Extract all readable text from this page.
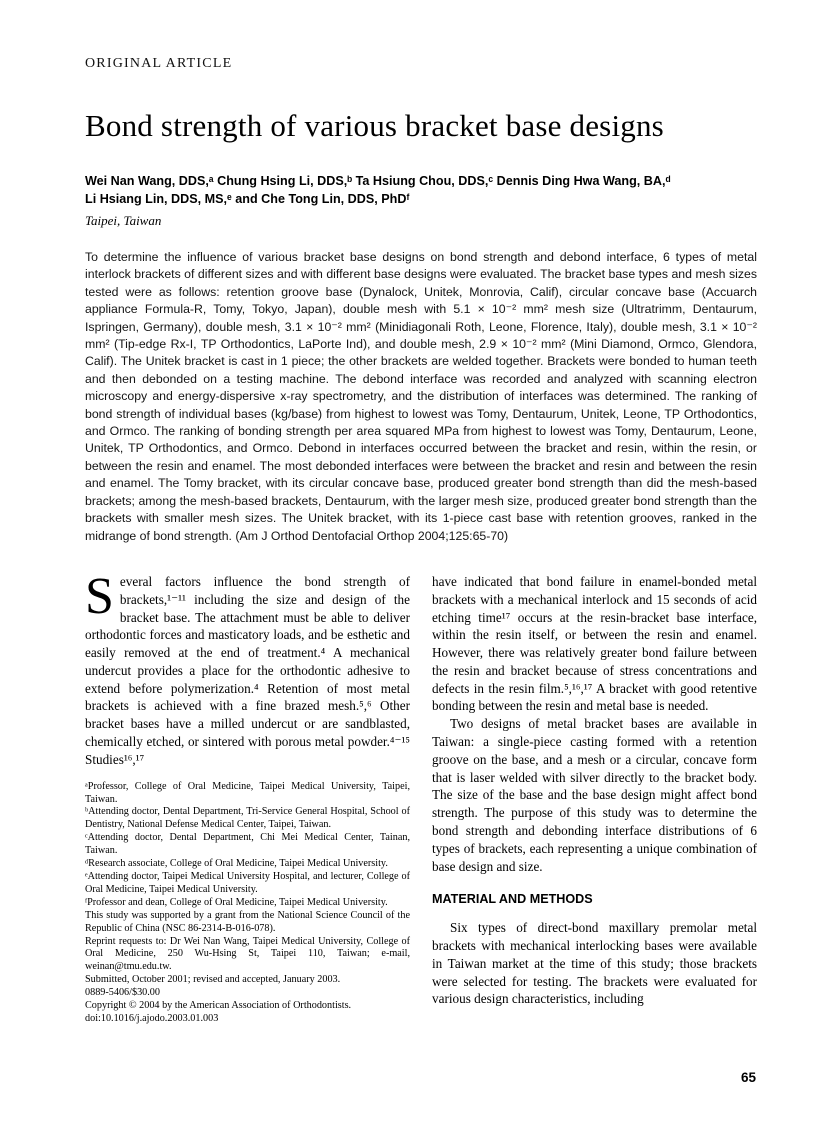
ORIGINAL ARTICLE
Bond strength of various bracket base designs
Wei Nan Wang, DDS,ᵃ Chung Hsing Li, DDS,ᵇ Ta Hsiung Chou, DDS,ᶜ Dennis Ding Hwa Wang, BA,ᵈ
Li Hsiang Lin, DDS, MS,ᵉ and Che Tong Lin, DDS, PhDᶠ
Taipei, Taiwan

To determine the influence of various bracket base designs on bond strength and debond interface, 6 types of metal interlock brackets of different sizes and with different base designs were evaluated. The bracket base types and mesh sizes tested were as follows: retention groove base (Dynalock, Unitek, Monrovia, Calif), circular concave base (Accuarch appliance Formula-R, Tomy, Tokyo, Japan), double mesh with 5.1 × 10⁻² mm² mesh size (Ultratrimm, Dentaurum, Ispringen, Germany), double mesh, 3.1 × 10⁻² mm² (Minidiagonali Roth, Leone, Florence, Italy), double mesh, 3.1 × 10⁻² mm² (Tip-edge Rx-I, TP Orthodontics, LaPorte Ind), and double mesh, 2.9 × 10⁻² mm² (Mini Diamond, Ormco, Glendora, Calif). The Unitek bracket is cast in 1 piece; the other brackets are welded together. Brackets were bonded to human teeth and then debonded on a testing machine. The debond interface was recorded and analyzed with scanning electron microscopy and energy-dispersive x-ray spectrometry, and the distribution of interfaces was determined. The ranking of bond strength of individual bases (kg/base) from highest to lowest was Tomy, Dentaurum, Unitek, Leone, TP Orthodontics, and Ormco. The ranking of bonding strength per area squared MPa from highest to lowest was Tomy, Dentaurum, Leone, Unitek, TP Orthodontics, and Ormco. Debond in interfaces occurred between the bracket and resin, within the resin, or between the resin and enamel. The most debonded interfaces were between the bracket and resin and between the resin and enamel. The Tomy bracket, with its circular concave base, produced greater bond strength than did the mesh-based brackets; among the mesh-based brackets, Dentaurum, with the larger mesh size, produced greater bond strength than the brackets with smaller mesh sizes. The Unitek bracket, with its 1-piece cast base with retention grooves, ranked in the midrange of bond strength. (Am J Orthod Dentofacial Orthop 2004;125:65-70)

Several factors influence the bond strength of brackets,¹⁻¹¹ including the size and design of the bracket base. The attachment must be able to deliver orthodontic forces and masticatory loads, and be esthetic and easily removed at the end of treatment.⁴ A mechanical undercut provides a place for the orthodontic adhesive to extend before polymerization.⁴ Retention of most metal brackets is achieved with a fine brazed mesh.⁵,⁶ Other bracket bases have a milled undercut or are sandblasted, chemically etched, or sintered with porous metal powder.⁴⁻¹⁵ Studies¹⁶,¹⁷

ᵃProfessor, College of Oral Medicine, Taipei Medical University, Taipei, Taiwan.
ᵇAttending doctor, Dental Department, Tri-Service General Hospital, School of Dentistry, National Defense Medical Center, Taipei, Taiwan.
ᶜAttending doctor, Dental Department, Chi Mei Medical Center, Tainan, Taiwan.
ᵈResearch associate, College of Oral Medicine, Taipei Medical University.
ᵉAttending doctor, Taipei Medical University Hospital, and lecturer, College of Oral Medicine, Taipei Medical University.
ᶠProfessor and dean, College of Oral Medicine, Taipei Medical University.
This study was supported by a grant from the National Science Council of the Republic of China (NSC 86-2314-B-016-078).
Reprint requests to: Dr Wei Nan Wang, Taipei Medical University, College of Oral Medicine, 250 Wu-Hsing St, Taipei 110, Taiwan; e-mail, weinan@tmu.edu.tw.
Submitted, October 2001; revised and accepted, January 2003.
0889-5406/$30.00
Copyright © 2004 by the American Association of Orthodontists.
doi:10.1016/j.ajodo.2003.01.003

have indicated that bond failure in enamel-bonded metal brackets with a mechanical interlock and 15 seconds of acid etching time¹⁷ occurs at the resin-bracket base interface, within the resin itself, or between the resin and enamel. However, there was relatively greater bond failure between the resin and bracket because of stress concentrations and defects in the resin film.⁵,¹⁶,¹⁷ A bracket with good retentive bonding between the resin and metal base is needed.

Two designs of metal bracket bases are available in Taiwan: a single-piece casting formed with a retention groove on the base, and a mesh or a circular, concave form that is laser welded with silver directly to the bracket body. The size of the base and the base design might affect bond strength. The purpose of this study was to determine the bond strength and debonding interface distributions of 6 types of brackets, each representing a unique combination of base design and size.

MATERIAL AND METHODS

Six types of direct-bond maxillary premolar metal brackets with mechanical interlocking bases were available in Taiwan market at the time of this study; those brackets were selected for testing. The brackets were evaluated for various design characteristics, including

65
